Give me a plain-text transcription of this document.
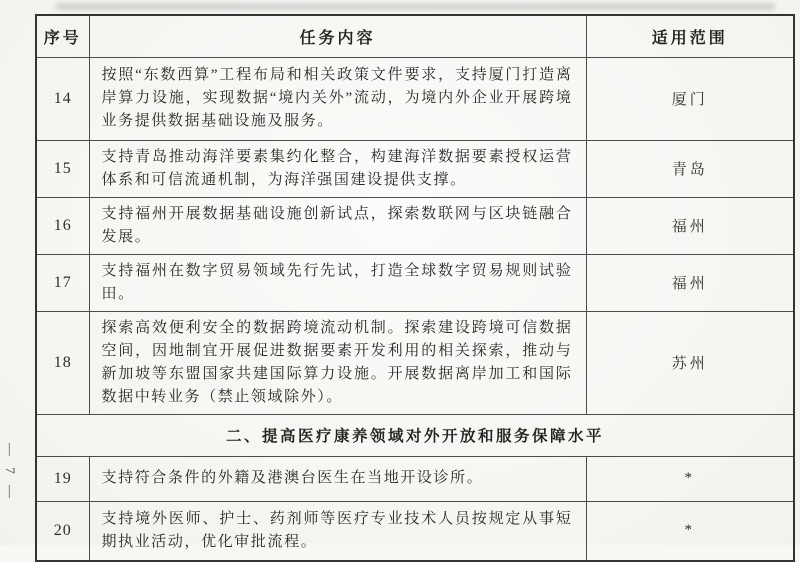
— 7 —
序号	任务内容	适用范围
14	按照“东数西算”工程布局和相关政策文件要求，支持厦门打造离岸算力设施，实现数据“境内关外”流动，为境内外企业开展跨境业务提供数据基础设施及服务。	厦门
15	支持青岛推动海洋要素集约化整合，构建海洋数据要素授权运营体系和可信流通机制，为海洋强国建设提供支撑。	青岛
16	支持福州开展数据基础设施创新试点，探索数联网与区块链融合发展。	福州
17	支持福州在数字贸易领域先行先试，打造全球数字贸易规则试验田。	福州
18	探索高效便利安全的数据跨境流动机制。探索建设跨境可信数据空间，因地制宜开展促进数据要素开发利用的相关探索，推动与新加坡等东盟国家共建国际算力设施。开展数据离岸加工和国际数据中转业务（禁止领域除外）。	苏州
二、提高医疗康养领域对外开放和服务保障水平		
19	支持符合条件的外籍及港澳台医生在当地开设诊所。	*
20	支持境外医师、护士、药剂师等医疗专业技术人员按规定从事短期执业活动，优化审批流程。	*
